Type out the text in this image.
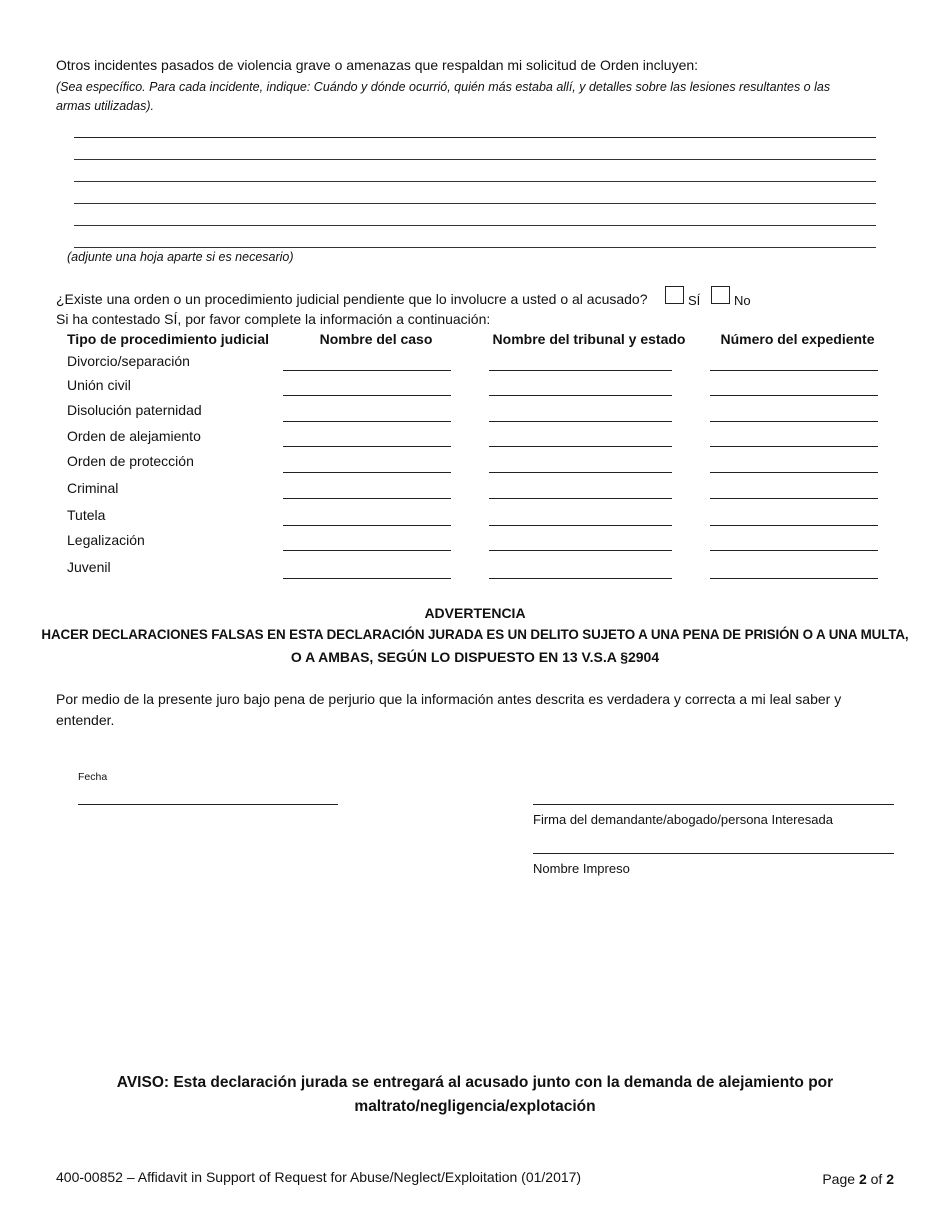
Otros incidentes pasados de violencia grave o amenazas que respaldan mi solicitud de Orden incluyen:
(Sea específico. Para cada incidente, indique: Cuándo y dónde ocurrió, quién más estaba allí, y detalles sobre las lesiones resultantes o las armas utilizadas).
(adjunte una hoja aparte si es necesario)
¿Existe una orden o un procedimiento judicial pendiente que lo involucre a usted o al acusado?	SÍ	No
Si ha contestado SÍ, por favor complete la información a continuación:
Tipo de procedimiento judicial	Nombre del caso	Nombre del tribunal y estado	Número del expediente
Divorcio/separación
Unión civil
Disolución paternidad
Orden de alejamiento
Orden de protección
Criminal
Tutela
Legalización
Juvenil
ADVERTENCIA
HACER DECLARACIONES FALSAS EN ESTA DECLARACIÓN JURADA ES UN DELITO SUJETO A UNA PENA DE PRISIÓN O A UNA MULTA,
O A AMBAS, SEGÚN LO DISPUESTO EN 13 V.S.A §2904
Por medio de la presente juro bajo pena de perjurio que la información antes descrita es verdadera y correcta a mi leal saber y entender.
Fecha
Firma del demandante/abogado/persona Interesada
Nombre Impreso
AVISO: Esta declaración jurada se entregará al acusado junto con la demanda de alejamiento por
maltrato/negligencia/explotación
400-00852 – Affidavit in Support of Request for Abuse/Neglect/Exploitation (01/2017)	Page 2 of 2
